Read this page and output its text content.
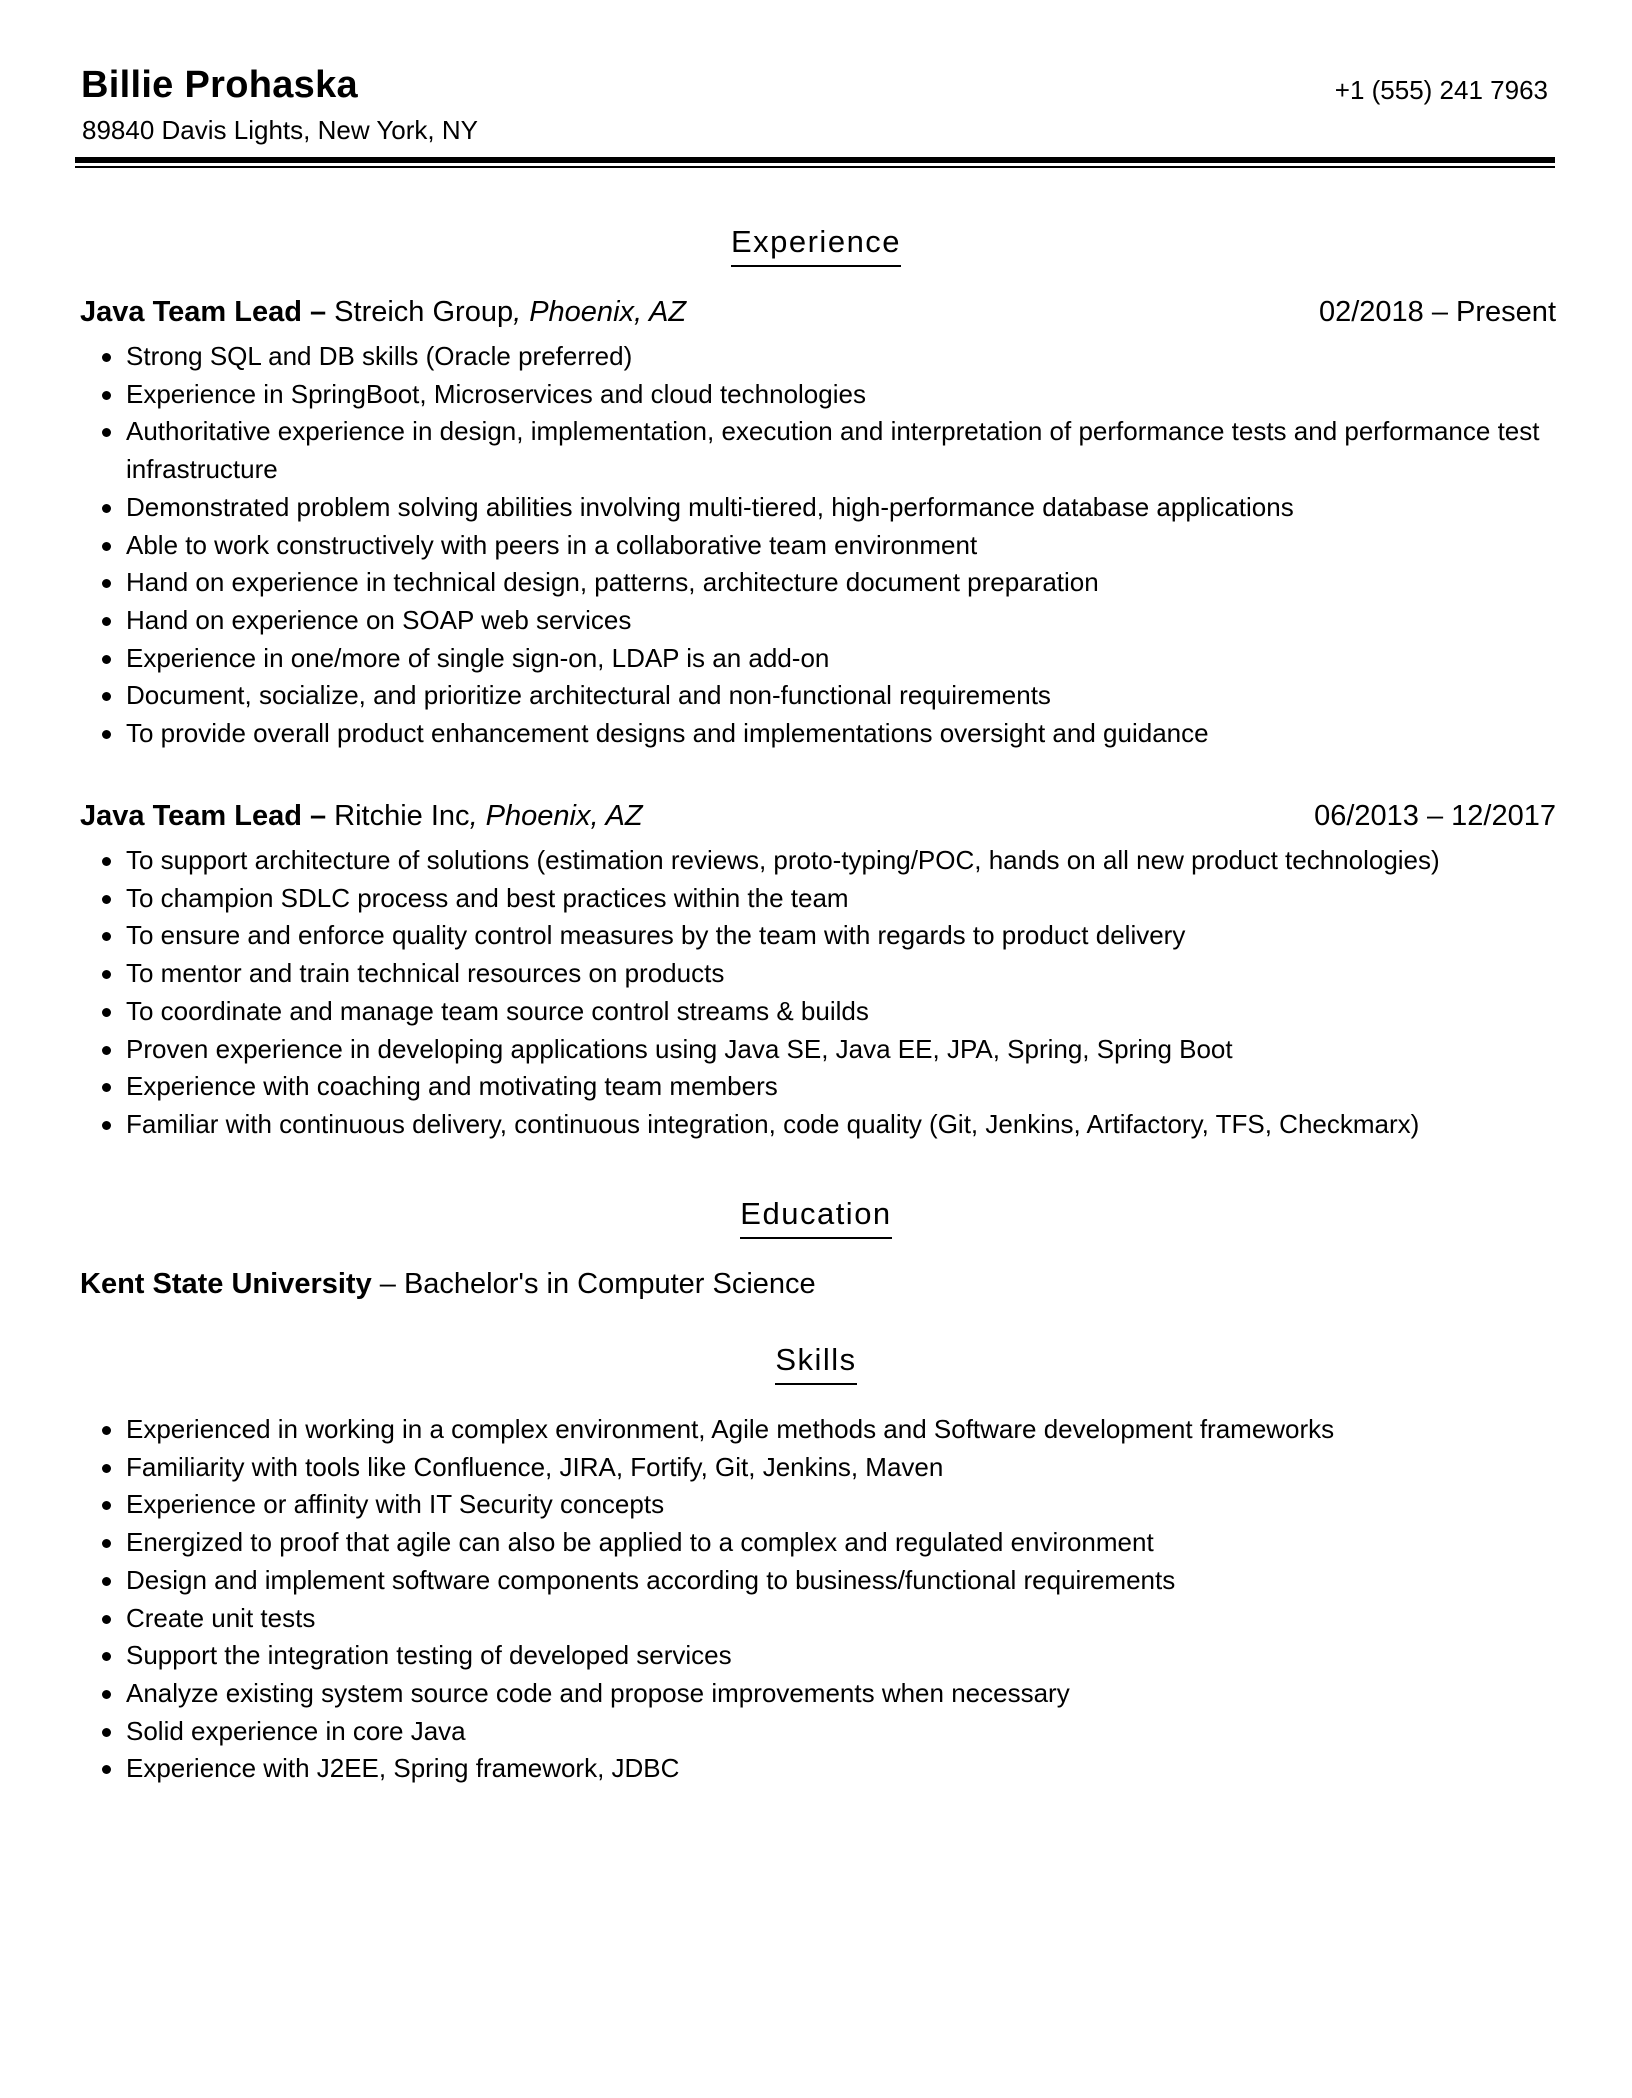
Billie Prohaska
89840 Davis Lights, New York, NY
+1 (555) 241 7963
Experience
Java Team Lead – Streich Group, Phoenix, AZ	02/2018 – Present
Strong SQL and DB skills (Oracle preferred)
Experience in SpringBoot, Microservices and cloud technologies
Authoritative experience in design, implementation, execution and interpretation of performance tests and performance test infrastructure
Demonstrated problem solving abilities involving multi-tiered, high-performance database applications
Able to work constructively with peers in a collaborative team environment
Hand on experience in technical design, patterns, architecture document preparation
Hand on experience on SOAP web services
Experience in one/more of single sign-on, LDAP is an add-on
Document, socialize, and prioritize architectural and non-functional requirements
To provide overall product enhancement designs and implementations oversight and guidance
Java Team Lead – Ritchie Inc, Phoenix, AZ	06/2013 – 12/2017
To support architecture of solutions (estimation reviews, proto-typing/POC, hands on all new product technologies)
To champion SDLC process and best practices within the team
To ensure and enforce quality control measures by the team with regards to product delivery
To mentor and train technical resources on products
To coordinate and manage team source control streams & builds
Proven experience in developing applications using Java SE, Java EE, JPA, Spring, Spring Boot
Experience with coaching and motivating team members
Familiar with continuous delivery, continuous integration, code quality (Git, Jenkins, Artifactory, TFS, Checkmarx)
Education
Kent State University – Bachelor's in Computer Science
Skills
Experienced in working in a complex environment, Agile methods and Software development frameworks
Familiarity with tools like Confluence, JIRA, Fortify, Git, Jenkins, Maven
Experience or affinity with IT Security concepts
Energized to proof that agile can also be applied to a complex and regulated environment
Design and implement software components according to business/functional requirements
Create unit tests
Support the integration testing of developed services
Analyze existing system source code and propose improvements when necessary
Solid experience in core Java
Experience with J2EE, Spring framework, JDBC
